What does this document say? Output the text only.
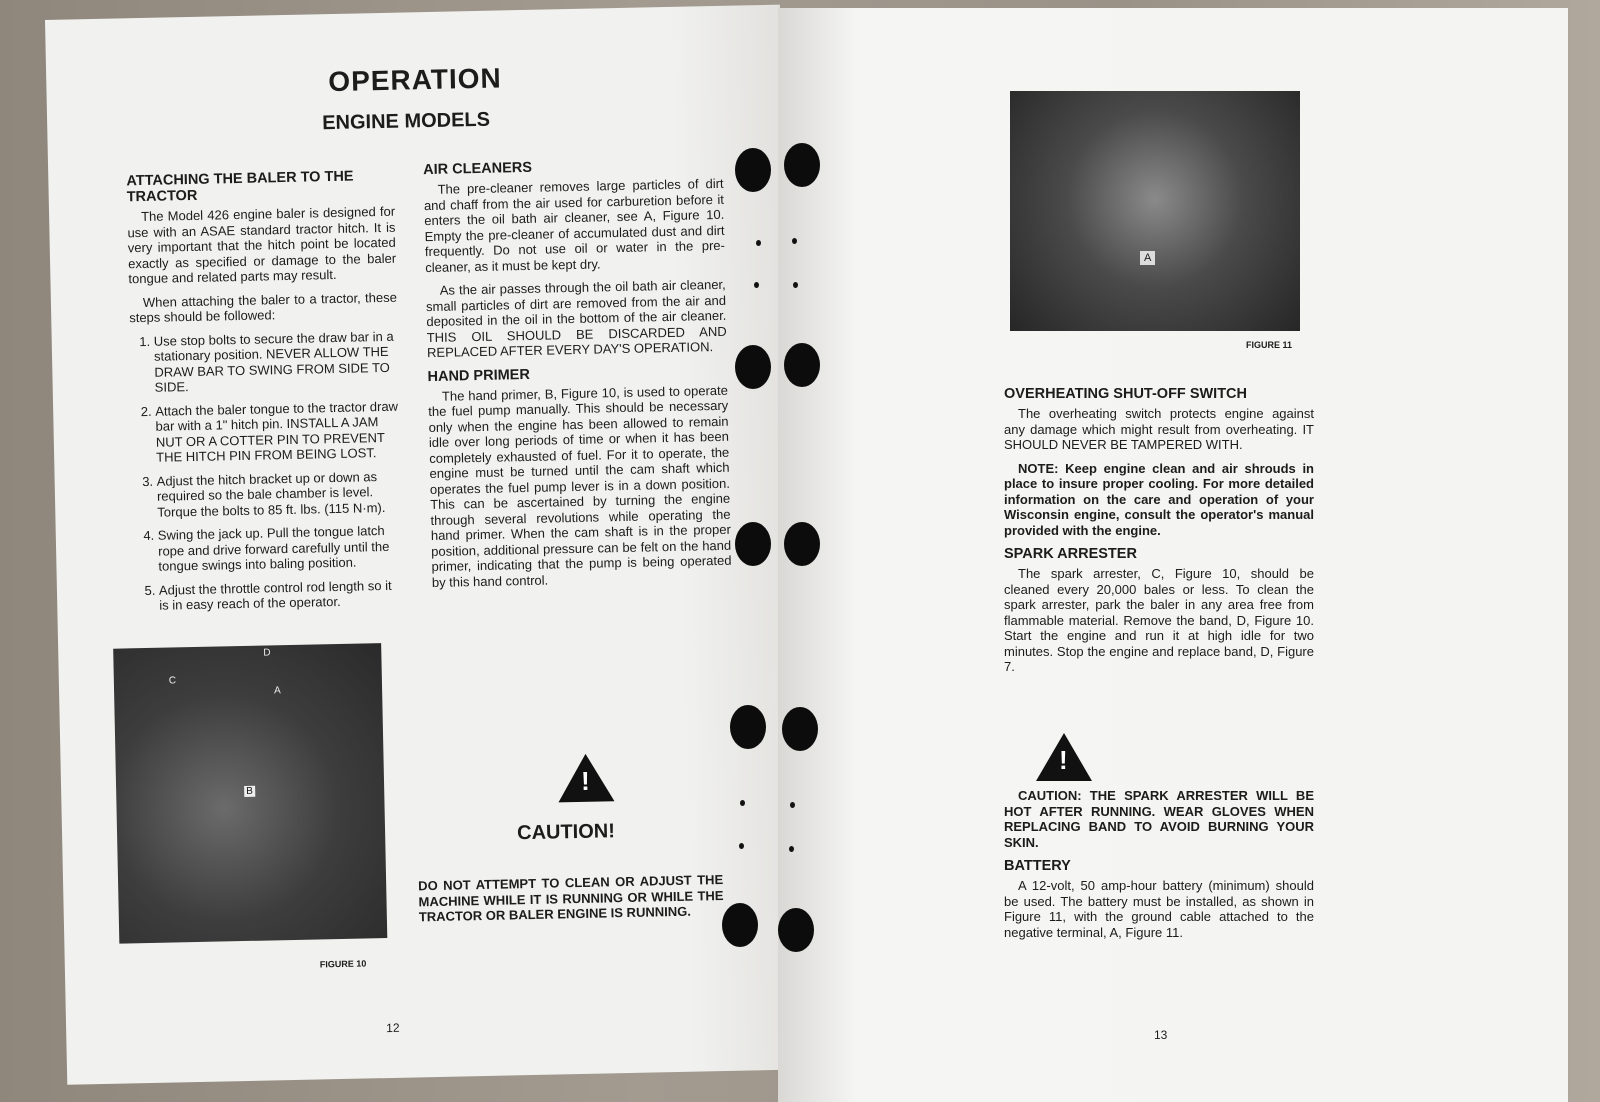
OPERATION
ENGINE MODELS
ATTACHING THE BALER TO THE TRACTOR

The Model 426 engine baler is designed for use with an ASAE standard tractor hitch. It is very important that the hitch point be located exactly as specified or damage to the baler tongue and related parts may result.

When attaching the baler to a tractor, these steps should be followed:

1. Use stop bolts to secure the draw bar in a stationary position. NEVER ALLOW THE DRAW BAR TO SWING FROM SIDE TO SIDE.
2. Attach the baler tongue to the tractor draw bar with a 1" hitch pin. INSTALL A JAM NUT OR A COTTER PIN TO PREVENT THE HITCH PIN FROM BEING LOST.
3. Adjust the hitch bracket up or down as required so the bale chamber is level. Torque the bolts to 85 ft. lbs. (115 N·m).
4. Swing the jack up. Pull the tongue latch rope and drive forward carefully until the tongue swings into baling position.
5. Adjust the throttle control rod length so it is in easy reach of the operator.
AIR CLEANERS

The pre-cleaner removes large particles of dirt and chaff from the air used for carburetion before it enters the oil bath air cleaner, see A, Figure 10. Empty the pre-cleaner of accumulated dust and dirt frequently. Do not use oil or water in the pre-cleaner, as it must be kept dry.

As the air passes through the oil bath air cleaner, small particles of dirt are removed from the air and deposited in the oil in the bottom of the air cleaner. THIS OIL SHOULD BE DISCARDED AND REPLACED AFTER EVERY DAY'S OPERATION.

HAND PRIMER

The hand primer, B, Figure 10, is used to operate the fuel pump manually. This should be necessary only when the engine has been allowed to remain idle over long periods of time or when it has been completely exhausted of fuel. For it to operate, the engine must be turned until the cam shaft which operates the fuel pump lever is in a down position. This can be ascertained by turning the engine through several revolutions while operating the hand primer. When the cam shaft is in the proper position, additional pressure can be felt on the hand primer, indicating that the pump is being operated by this hand control.

D
C
A
B
FIGURE 10
!
CAUTION!
DO NOT ATTEMPT TO CLEAN OR ADJUST THE MACHINE WHILE IT IS RUNNING OR WHILE THE TRACTOR OR BALER ENGINE IS RUNNING.
12
A
FIGURE 11
OVERHEATING SHUT-OFF SWITCH

The overheating switch protects engine against any damage which might result from overheating. IT SHOULD NEVER BE TAMPERED WITH.

NOTE: Keep engine clean and air shrouds in place to insure proper cooling. For more detailed information on the care and operation of your Wisconsin engine, consult the operator's manual provided with the engine.

SPARK ARRESTER

The spark arrester, C, Figure 10, should be cleaned every 20,000 bales or less. To clean the spark arrester, park the baler in any area free from flammable material. Remove the band, D, Figure 10. Start the engine and run it at high idle for two minutes. Stop the engine and replace band, D, Figure 7.

!

CAUTION: THE SPARK ARRESTER WILL BE HOT AFTER RUNNING. WEAR GLOVES WHEN REPLACING BAND TO AVOID BURNING YOUR SKIN.

BATTERY

A 12-volt, 50 amp-hour battery (minimum) should be used. The battery must be installed, as shown in Figure 11, with the ground cable attached to the negative terminal, A, Figure 11.

13
